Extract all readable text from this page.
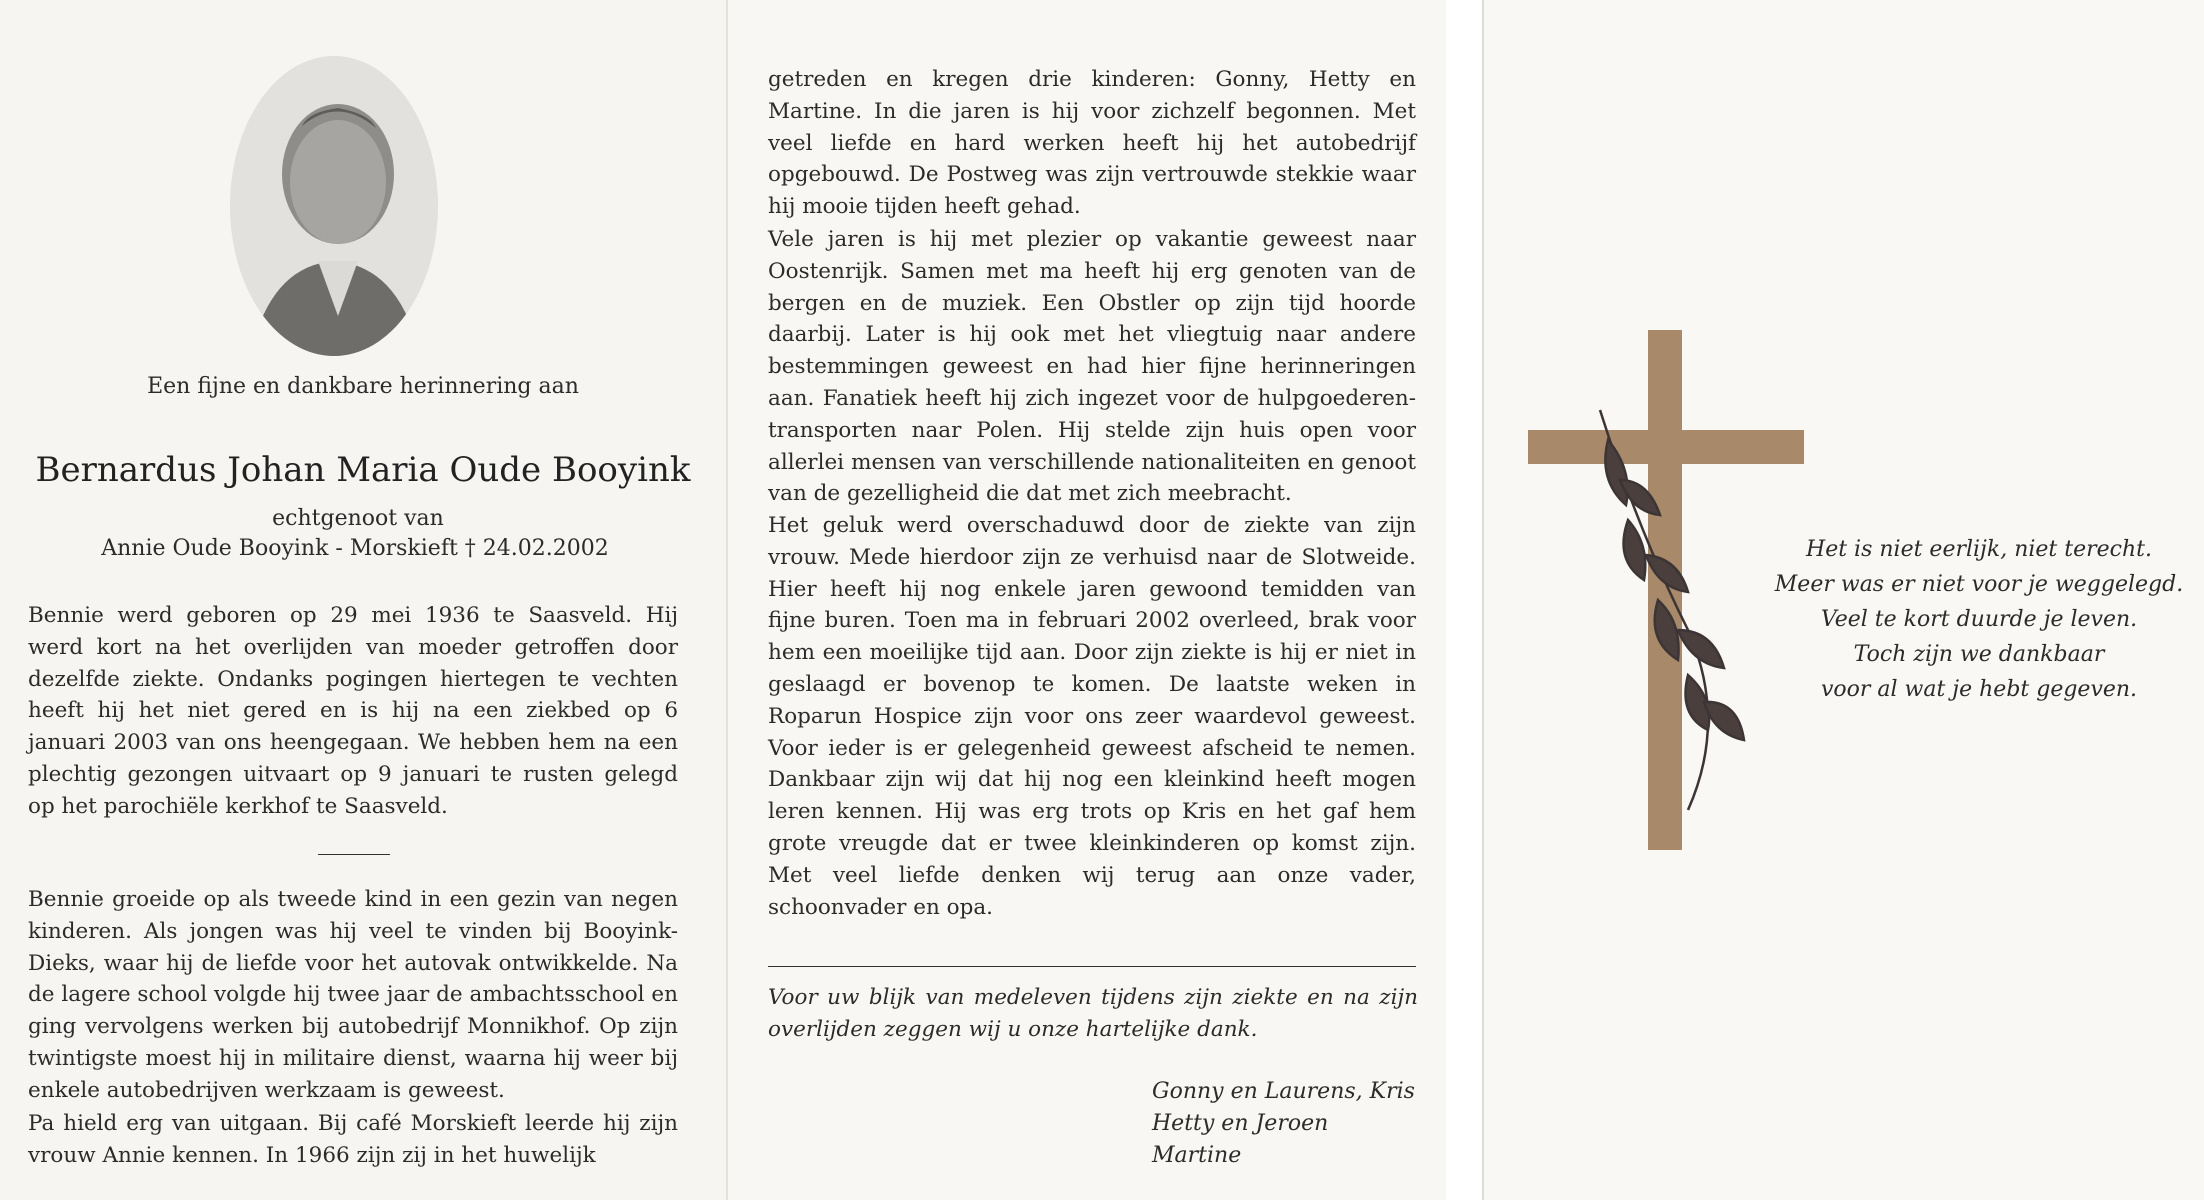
Een fijne en dankbare herinnering aan
Bernardus Johan Maria Oude Booyink
echtgenoot van
Annie Oude Booyink - Morskieft † 24.02.2002

Bennie werd geboren op 29 mei 1936 te Saasveld. Hij werd kort na het overlijden van moeder getroffen door dezelfde ziekte. Ondanks pogingen hiertegen te vechten heeft hij het niet gered en is hij na een ziekbed op 6 januari 2003 van ons heengegaan. We hebben hem na een plechtig gezongen uitvaart op 9 januari te rusten gelegd op het parochiële kerkhof te Saasveld.

Bennie groeide op als tweede kind in een gezin van negen kinderen. Als jongen was hij veel te vinden bij Booyink-Dieks, waar hij de liefde voor het autovak ontwikkelde. Na de lagere school volgde hij twee jaar de ambachtsschool en ging vervolgens werken bij autobedrijf Monnikhof. Op zijn twintigste moest hij in militaire dienst, waarna hij weer bij enkele autobedrijven werkzaam is geweest.

Pa hield erg van uitgaan. Bij café Morskieft leerde hij zijn vrouw Annie kennen. In 1966 zijn zij in het huwelijk

getreden en kregen drie kinderen: Gonny, Hetty en Martine. In die jaren is hij voor zichzelf begonnen. Met veel liefde en hard werken heeft hij het autobedrijf opgebouwd. De Postweg was zijn vertrouwde stekkie waar hij mooie tijden heeft gehad.

Vele jaren is hij met plezier op vakantie geweest naar Oostenrijk. Samen met ma heeft hij erg genoten van de bergen en de muziek. Een Obstler op zijn tijd hoorde daarbij. Later is hij ook met het vliegtuig naar andere bestemmingen geweest en had hier fijne herinneringen aan. Fanatiek heeft hij zich ingezet voor de hulpgoederen-transporten naar Polen. Hij stelde zijn huis open voor allerlei mensen van verschillende nationaliteiten en genoot van de gezelligheid die dat met zich meebracht.

Het geluk werd overschaduwd door de ziekte van zijn vrouw. Mede hierdoor zijn ze verhuisd naar de Slotweide. Hier heeft hij nog enkele jaren gewoond temidden van fijne buren. Toen ma in februari 2002 overleed, brak voor hem een moeilijke tijd aan. Door zijn ziekte is hij er niet in geslaagd er bovenop te komen. De laatste weken in Roparun Hospice zijn voor ons zeer waardevol geweest. Voor ieder is er gelegenheid geweest afscheid te nemen. Dankbaar zijn wij dat hij nog een kleinkind heeft mogen leren kennen. Hij was erg trots op Kris en het gaf hem grote vreugde dat er twee kleinkinderen op komst zijn. Met veel liefde denken wij terug aan onze vader, schoonvader en opa.

Voor uw blijk van medeleven tijdens zijn ziekte en na zijn overlijden zeggen wij u onze hartelijke dank.

Gonny en Laurens, Kris
Hetty en Jeroen
Martine
Het is niet eerlijk, niet terecht.
Meer was er niet voor je weggelegd.
Veel te kort duurde je leven.
Toch zijn we dankbaar
voor al wat je hebt gegeven.
